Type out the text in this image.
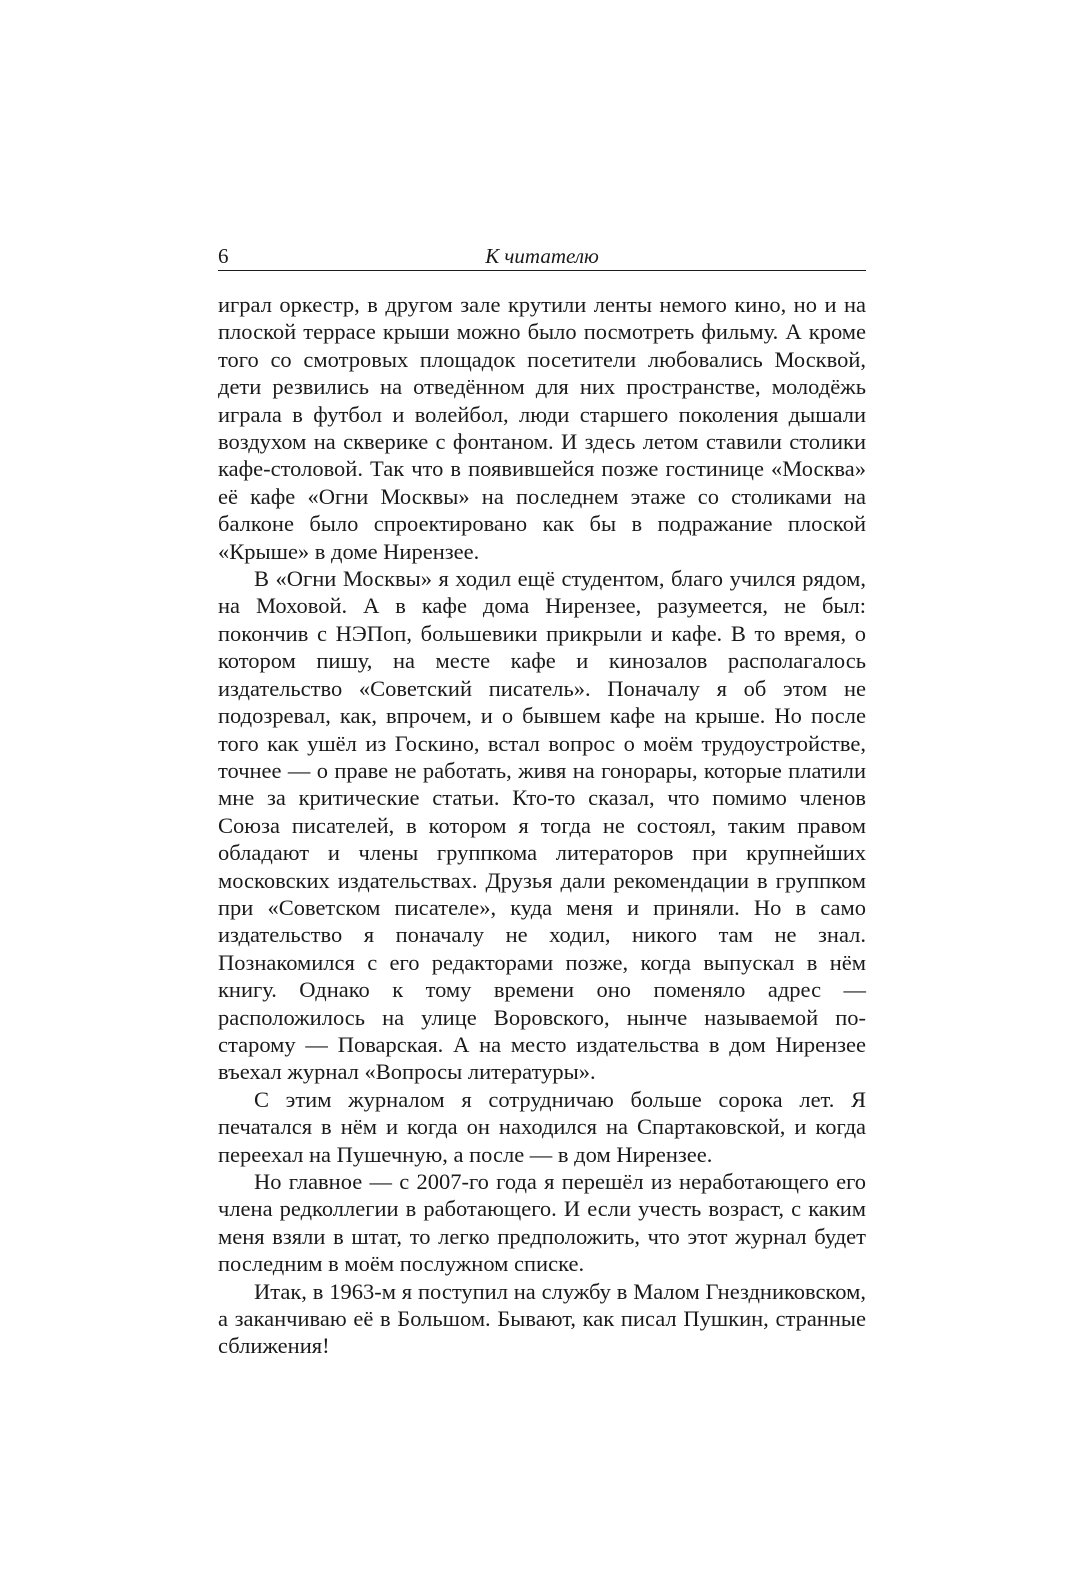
6	К читателю

играл оркестр, в другом зале крутили ленты немого кино, но и на плоской террасе крыши можно было посмотреть фильму. А кроме того со смотровых площадок посетители любовались Москвой, дети резвились на отведённом для них пространстве, молодёжь играла в футбол и волейбол, люди старшего поколения дышали воздухом на скверике с фонтаном. И здесь летом ставили столики кафе-столовой. Так что в появившейся позже гостинице «Москва» её кафе «Огни Москвы» на последнем этаже со столиками на балконе было спроектировано как бы в подражание плоской «Крыше» в доме Нирензее.

В «Огни Москвы» я ходил ещё студентом, благо учился рядом, на Моховой. А в кафе дома Нирензее, разумеется, не был: покончив с НЭПоп, большевики прикрыли и кафе. В то время, о котором пишу, на месте кафе и кинозалов располагалось издательство «Советский писатель». Поначалу я об этом не подозревал, как, впрочем, и о бывшем кафе на крыше. Но после того как ушёл из Госкино, встал вопрос о моём трудоустройстве, точнее — о праве не работать, живя на гонорары, которые платили мне за критические статьи. Кто-то сказал, что помимо членов Союза писателей, в котором я тогда не состоял, таким правом обладают и члены группкома литераторов при крупнейших московских издательствах. Друзья дали рекомендации в группком при «Советском писателе», куда меня и приняли. Но в само издательство я поначалу не ходил, никого там не знал. Познакомился с его редакторами позже, когда выпускал в нём книгу. Однако к тому времени оно поменяло адрес — расположилось на улице Воровского, нынче называемой по-старому — Поварская. А на место издательства в дом Нирензее въехал журнал «Вопросы литературы».

С этим журналом я сотрудничаю больше сорока лет. Я печатался в нём и когда он находился на Спартаковской, и когда переехал на Пушечную, а после — в дом Нирензее.

Но главное — с 2007-го года я перешёл из неработающего его члена редколлегии в работающего. И если учесть возраст, с каким меня взяли в штат, то легко предположить, что этот журнал будет последним в моём послужном списке.

Итак, в 1963-м я поступил на службу в Малом Гнездниковском, а заканчиваю её в Большом. Бывают, как писал Пушкин, странные сближения!
